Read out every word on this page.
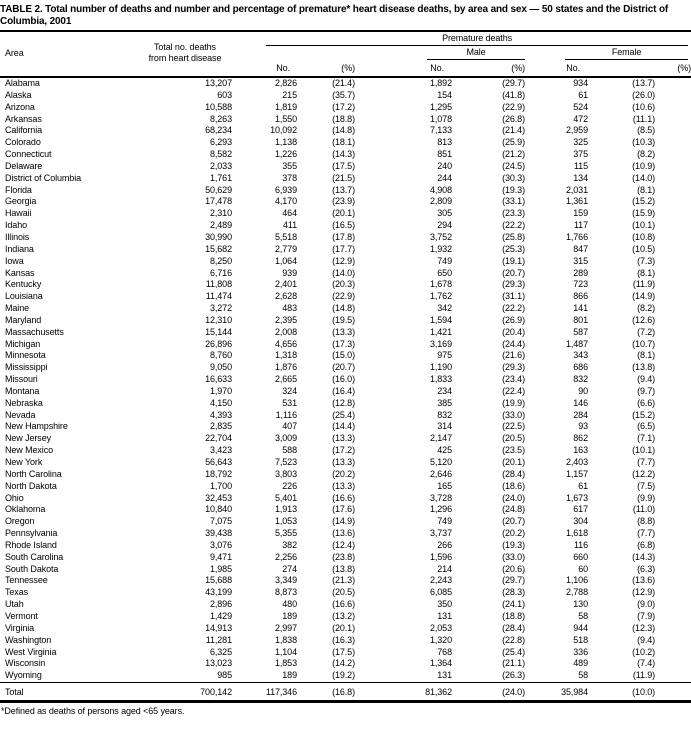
TABLE 2. Total number of deaths and number and percentage of premature* heart disease deaths, by area and sex — 50 states and the District of Columbia, 2001
Area	Total no. deaths
from heart disease	Premature deaths					

				Male		Female	

		No.	(%)	No.	(%)	No.	(%)
Alabama	13,207	2,826	(21.4)	1,892	(29.7)	934	(13.7)
Alaska	603	215	(35.7)	154	(41.8)	61	(26.0)
Arizona	10,588	1,819	(17.2)	1,295	(22.9)	524	(10.6)
Arkansas	8,263	1,550	(18.8)	1,078	(26.8)	472	(11.1)
California	68,234	10,092	(14.8)	7,133	(21.4)	2,959	(8.5)
Colorado	6,293	1,138	(18.1)	813	(25.9)	325	(10.3)
Connecticut	8,582	1,226	(14.3)	851	(21.2)	375	(8.2)
Delaware	2,033	355	(17.5)	240	(24.5)	115	(10.9)
District of Columbia	1,761	378	(21.5)	244	(30.3)	134	(14.0)
Florida	50,629	6,939	(13.7)	4,908	(19.3)	2,031	(8.1)
Georgia	17,478	4,170	(23.9)	2,809	(33.1)	1,361	(15.2)
Hawaii	2,310	464	(20.1)	305	(23.3)	159	(15.9)
Idaho	2,489	411	(16.5)	294	(22.2)	117	(10.1)
Illinois	30,990	5,518	(17.8)	3,752	(25.8)	1,766	(10.8)
Indiana	15,682	2,779	(17.7)	1,932	(25.3)	847	(10.5)
Iowa	8,250	1,064	(12.9)	749	(19.1)	315	(7.3)
Kansas	6,716	939	(14.0)	650	(20.7)	289	(8.1)
Kentucky	11,808	2,401	(20.3)	1,678	(29.3)	723	(11.9)
Louisiana	11,474	2,628	(22.9)	1,762	(31.1)	866	(14.9)
Maine	3,272	483	(14.8)	342	(22.2)	141	(8.2)
Maryland	12,310	2,395	(19.5)	1,594	(26.9)	801	(12.6)
Massachusetts	15,144	2,008	(13.3)	1,421	(20.4)	587	(7.2)
Michigan	26,896	4,656	(17.3)	3,169	(24.4)	1,487	(10.7)
Minnesota	8,760	1,318	(15.0)	975	(21.6)	343	(8.1)
Mississippi	9,050	1,876	(20.7)	1,190	(29.3)	686	(13.8)
Missouri	16,633	2,665	(16.0)	1,833	(23.4)	832	(9.4)
Montana	1,970	324	(16.4)	234	(22.4)	90	(9.7)
Nebraska	4,150	531	(12.8)	385	(19.9)	146	(6.6)
Nevada	4,393	1,116	(25.4)	832	(33.0)	284	(15.2)
New Hampshire	2,835	407	(14.4)	314	(22.5)	93	(6.5)
New Jersey	22,704	3,009	(13.3)	2,147	(20.5)	862	(7.1)
New Mexico	3,423	588	(17.2)	425	(23.5)	163	(10.1)
New York	56,643	7,523	(13.3)	5,120	(20.1)	2,403	(7.7)
North Carolina	18,792	3,803	(20.2)	2,646	(28.4)	1,157	(12.2)
North Dakota	1,700	226	(13.3)	165	(18.6)	61	(7.5)
Ohio	32,453	5,401	(16.6)	3,728	(24.0)	1,673	(9.9)
Oklahoma	10,840	1,913	(17.6)	1,296	(24.8)	617	(11.0)
Oregon	7,075	1,053	(14.9)	749	(20.7)	304	(8.8)
Pennsylvania	39,438	5,355	(13.6)	3,737	(20.2)	1,618	(7.7)
Rhode Island	3,076	382	(12.4)	266	(19.3)	116	(6.8)
South Carolina	9,471	2,256	(23.8)	1,596	(33.0)	660	(14.3)
South Dakota	1,985	274	(13.8)	214	(20.6)	60	(6.3)
Tennessee	15,688	3,349	(21.3)	2,243	(29.7)	1,106	(13.6)
Texas	43,199	8,873	(20.5)	6,085	(28.3)	2,788	(12.9)
Utah	2,896	480	(16.6)	350	(24.1)	130	(9.0)
Vermont	1,429	189	(13.2)	131	(18.8)	58	(7.9)
Virginia	14,913	2,997	(20.1)	2,053	(28.4)	944	(12.3)
Washington	11,281	1,838	(16.3)	1,320	(22.8)	518	(9.4)
West Virginia	6,325	1,104	(17.5)	768	(25.4)	336	(10.2)
Wisconsin	13,023	1,853	(14.2)	1,364	(21.1)	489	(7.4)
Wyoming	985	189	(19.2)	131	(26.3)	58	(11.9)
Total	700,142	117,346	(16.8)	81,362	(24.0)	35,984	(10.0)
*Defined as deaths of persons aged <65 years.
